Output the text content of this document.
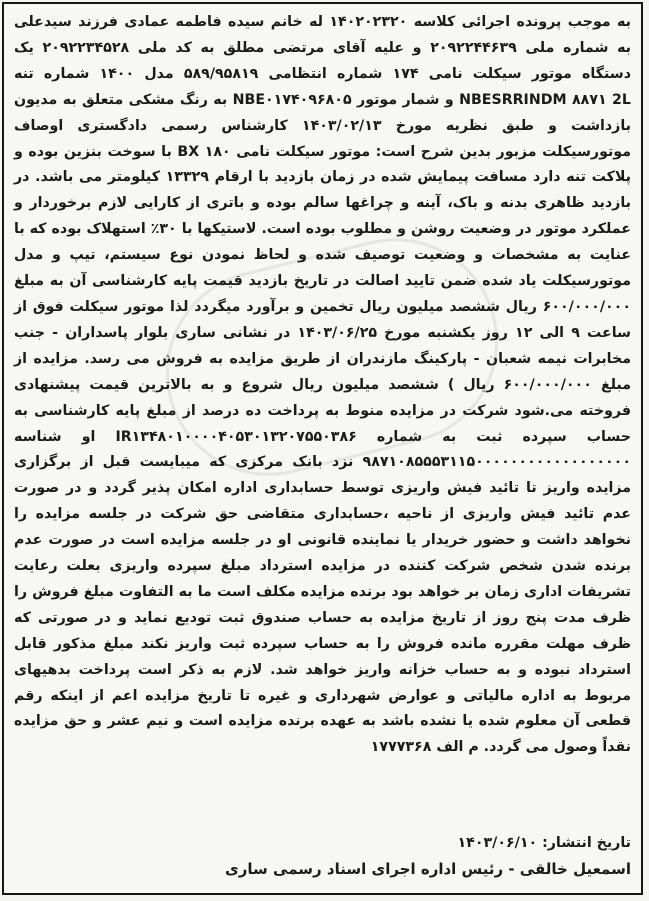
به موجب پرونده اجرائی کلاسه ۱۴۰۲۰۲۳۲۰ له خانم سیده فاطمه عمادی فرزند سیدعلی به شماره ملی ۲۰۹۲۲۴۴۶۳۹ و علیه آقای مرتضی مطلق به کد ملی ۲۰۹۲۲۳۴۵۲۸ یک دستگاه موتور سیکلت نامی ۱۷۴ شماره انتظامی ۵۸۹/۹۵۸۱۹ مدل ۱۴۰۰ شماره تنه NBESRRINDM ۸۸۷۱ 2L و شمار موتور NBE۰۱۷۴۰۹۶۸۰۵ به رنگ مشکی متعلق به مدیون بازداشت و طبق نظریه مورخ ۱۴۰۳/۰۲/۱۳ کارشناس رسمی دادگستری اوصاف موتورسیکلت مزبور بدین شرح است: موتور سیکلت نامی ۱۸۰ BX با سوخت بنزین بوده و پلاکت تنه دارد مسافت پیمایش شده در زمان بازدید با ارقام ۱۳۳۲۹ کیلومتر می باشد. در بازدید ظاهری بدنه و باک، آینه و چراغها سالم بوده و باتری از کارایی لازم برخوردار و عملکرد موتور در وضعیت روشن و مطلوب بوده است. لاستیکها با ۳۰٪ استهلاک بوده که با عنایت به مشخصات و وضعیت توصیف شده و لحاظ نمودن نوع سیستم، تیپ و مدل موتورسیکلت یاد شده ضمن تایید اصالت در تاریخ بازدید قیمت پایه کارشناسی آن به مبلغ ۶۰۰/۰۰۰/۰۰۰ ریال ششصد میلیون ریال تخمین و برآورد میگردد لذا موتور سیکلت فوق از ساعت ۹ الی ۱۲ روز یکشنبه مورخ ۱۴۰۳/۰۶/۲۵ در نشانی ساری بلوار پاسداران - جنب مخابرات نیمه شعبان - پارکینگ مازندران از طریق مزایده به فروش می رسد. مزایده از مبلغ ۶۰۰/۰۰۰/۰۰۰ ریال ) ششصد میلیون ریال شروع و به بالاترین قیمت پیشنهادی فروخته می.شود شرکت در مزایده منوط به پرداخت ده درصد از مبلغ پایه کارشناسی به حساب سپرده ثبت به شماره IR۱۳۴۸۰۱۰۰۰۰۴۰۵۳۰۱۳۲۰۷۵۵۰۳۸۶ او شناسه ۹۸۷۱۰۸۵۵۵۳۱۱۵۰۰۰۰۰۰۰۰۰۰۰۰۰۰۰۰۰۰ نزد بانک مرکزی که میبایست قبل از برگزاری مزایده واریز تا تائید فیش واریزی توسط حسابداری اداره امکان پذیر گردد و در صورت عدم تائید فیش واریزی از ناحیه ،حسابداری متقاضی حق شرکت در جلسه مزایده را نخواهد داشت و حضور خریدار یا نماینده قانونی او در جلسه مزایده است در صورت عدم برنده شدن شخص شرکت کننده در مزایده استرداد مبلغ سپرده واریزی بعلت رعایت تشریفات اداری زمان بر خواهد بود برنده مزایده مکلف است ما به التفاوت مبلغ فروش را ظرف مدت پنج روز از تاریخ مزایده به حساب صندوق ثبت تودیع نماید و در صورتی که ظرف مهلت مقرره مانده فروش را به حساب سپرده ثبت واریز نکند مبلغ مذکور قابل استرداد نبوده و به حساب خزانه واریز خواهد شد. لازم به ذکر است پرداخت بدهیهای مربوط به اداره مالیاتی و عوارض شهرداری و غیره تا تاریخ مزایده اعم از اینکه رقم قطعی آن معلوم شده یا نشده باشد به عهده برنده مزایده است و نیم عشر و حق مزایده نقداً وصول می گردد. م الف ۱۷۷۷۳۶۸

تاریخ انتشار: ۱۴۰۳/۰۶/۱۰

اسمعیل خالقی - رئیس اداره اجرای اسناد رسمی ساری
